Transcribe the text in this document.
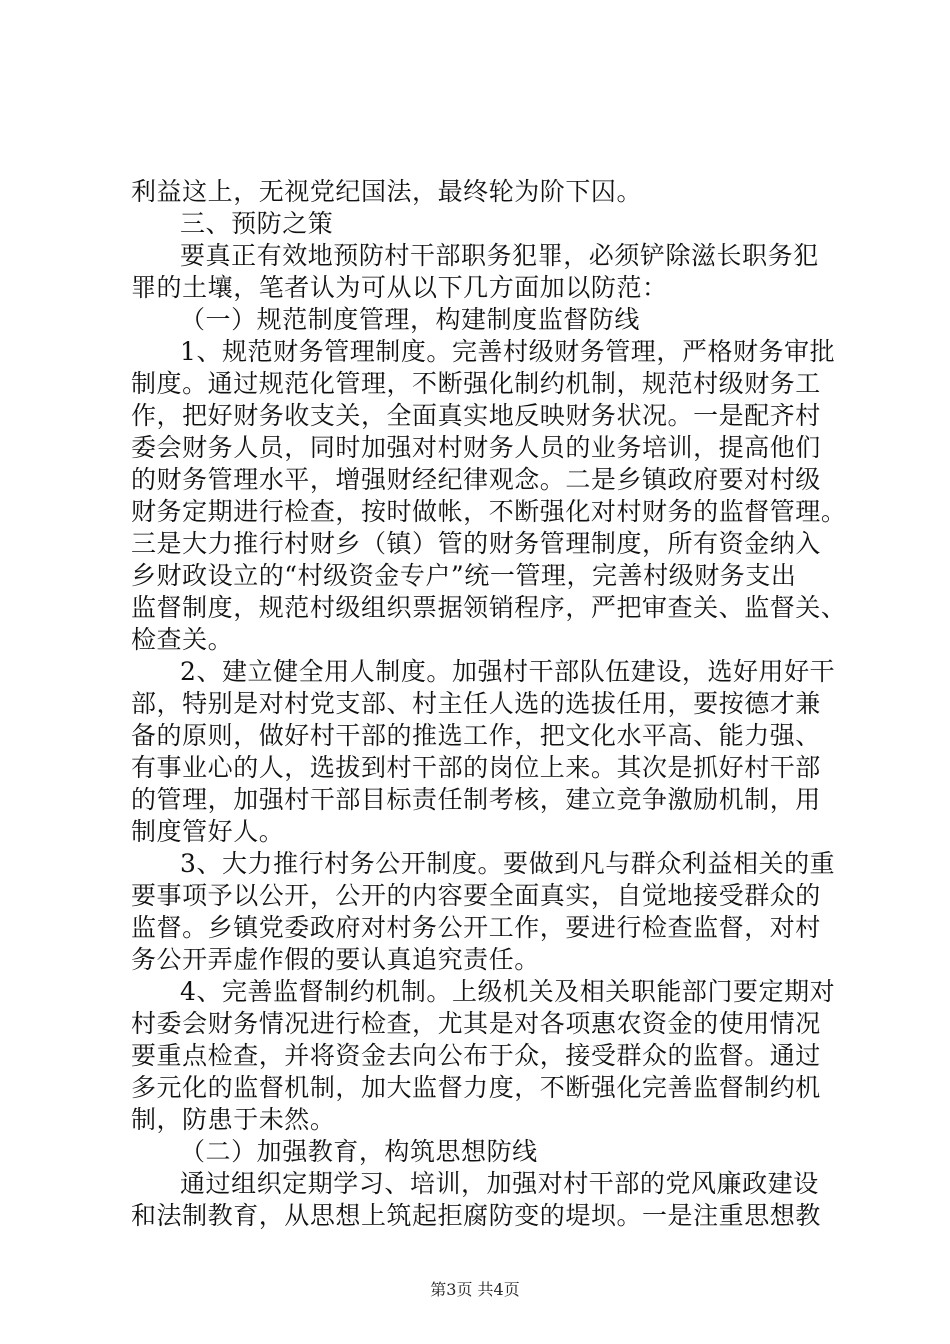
利益这上，无视党纪国法，最终轮为阶下囚。
三、预防之策
要真正有效地预防村干部职务犯罪，必须铲除滋长职务犯
罪的土壤，笔者认为可从以下几方面加以防范：
（一）规范制度管理，构建制度监督防线
1、规范财务管理制度。完善村级财务管理，严格财务审批
制度。通过规范化管理，不断强化制约机制，规范村级财务工
作，把好财务收支关，全面真实地反映财务状况。一是配齐村
委会财务人员，同时加强对村财务人员的业务培训，提高他们
的财务管理水平，增强财经纪律观念。二是乡镇政府要对村级
财务定期进行检查，按时做帐，不断强化对村财务的监督管理。
三是大力推行村财乡（镇）管的财务管理制度，所有资金纳入
乡财政设立的“村级资金专户”统一管理，完善村级财务支出
监督制度，规范村级组织票据领销程序，严把审查关、监督关、
检查关。
2、建立健全用人制度。加强村干部队伍建设，选好用好干
部，特别是对村党支部、村主任人选的选拔任用，要按德才兼
备的原则，做好村干部的推选工作，把文化水平高、能力强、
有事业心的人，选拔到村干部的岗位上来。其次是抓好村干部
的管理，加强村干部目标责任制考核，建立竞争激励机制，用
制度管好人。
3、大力推行村务公开制度。要做到凡与群众利益相关的重
要事项予以公开，公开的内容要全面真实，自觉地接受群众的
监督。乡镇党委政府对村务公开工作，要进行检查监督，对村
务公开弄虚作假的要认真追究责任。
4、完善监督制约机制。上级机关及相关职能部门要定期对
村委会财务情况进行检查，尤其是对各项惠农资金的使用情况
要重点检查，并将资金去向公布于众，接受群众的监督。通过
多元化的监督机制，加大监督力度，不断强化完善监督制约机
制，防患于未然。
（二）加强教育，构筑思想防线
通过组织定期学习、培训，加强对村干部的党风廉政建设
和法制教育，从思想上筑起拒腐防变的堤坝。一是注重思想教
第3页 共4页
